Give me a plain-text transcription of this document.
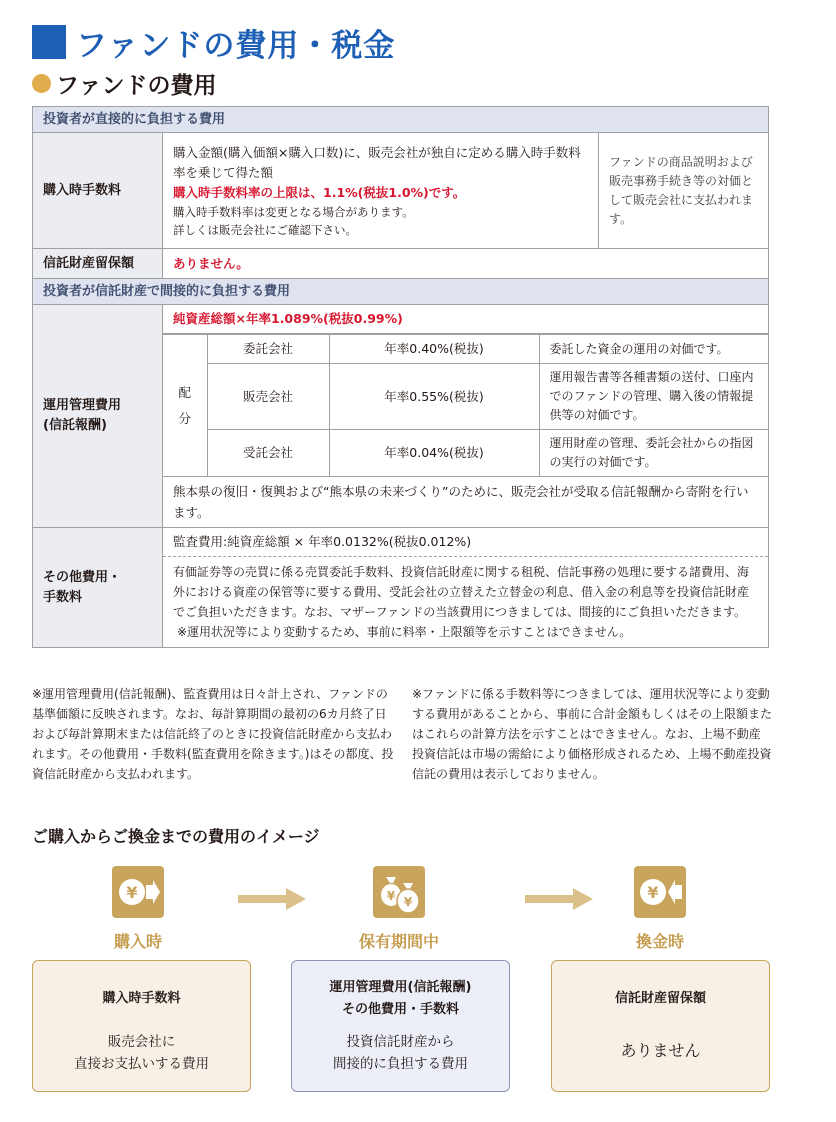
ファンドの費用・税金
ファンドの費用
投資者が直接的に負担する費用
購入時手数料	
購入金額(購入価額×購入口数)に、販売会社が独自に定める購入時手数料率を乗じて得た額
購入時手数料率の上限は、1.1%(税抜1.0%)です。
購入時手数料率は変更となる場合があります。
詳しくは販売会社にご確認下さい。
	ファンドの商品説明および販売事務手続き等の対価として販売会社に支払われます。
信託財産留保額	ありません。
投資者が信託財産で間接的に負担する費用

運用管理費用
(信託報酬)

純資産総額×年率1.089%(税抜0.99%)
配
分
	委託会社	年率0.40%(税抜)	委託した資金の運用の対価です。
販売会社	年率0.55%(税抜)	運用報告書等各種書類の送付、口座内でのファンドの管理、購入後の情報提供等の対価です。
受託会社	年率0.04%(税抜)	運用財産の管理、委託会社からの指図の実行の対価です。
熊本県の復旧・復興および“熊本県の未来づくり”のために、販売会社が受取る信託報酬から寄附を行います。

その他費用・
手数料

監査費用:純資産総額 × 年率0.0132%(税抜0.012%)
有価証券等の売買に係る売買委託手数料、投資信託財産に関する租税、信託事務の処理に要する諸費用、海外における資産の保管等に要する費用、受託会社の立替えた立替金の利息、借入金の利息等を投資信託財産でご負担いただきます。なお、マザーファンドの当該費用につきましては、間接的にご負担いただきます。
※運用状況等により変動するため、事前に料率・上限額等を示すことはできません。
※運用管理費用(信託報酬)、監査費用は日々計上され、ファンドの基準価額に反映されます。なお、毎計算期間の最初の6カ月終了日および毎計算期末または信託終了のときに投資信託財産から支払われます。その他費用・手数料(監査費用を除きます。)はその都度、投資信託財産から支払われます。
※ファンドに係る手数料等につきましては、運用状況等により変動する費用があることから、事前に合計金額もしくはその上限額またはこれらの計算方法を示すことはできません。なお、上場不動産投資信託は市場の需給により価格形成されるため、上場不動産投資信託の費用は表示しておりません。
ご購入からご換金までの費用のイメージ
¥
購入時
¥ ¥
保有期間中
¥
換金時
購入時手数料
販売会社に
直接お支払いする費用
運用管理費用(信託報酬)
その他費用・手数料
投資信託財産から
間接的に負担する費用
信託財産留保額
ありません
